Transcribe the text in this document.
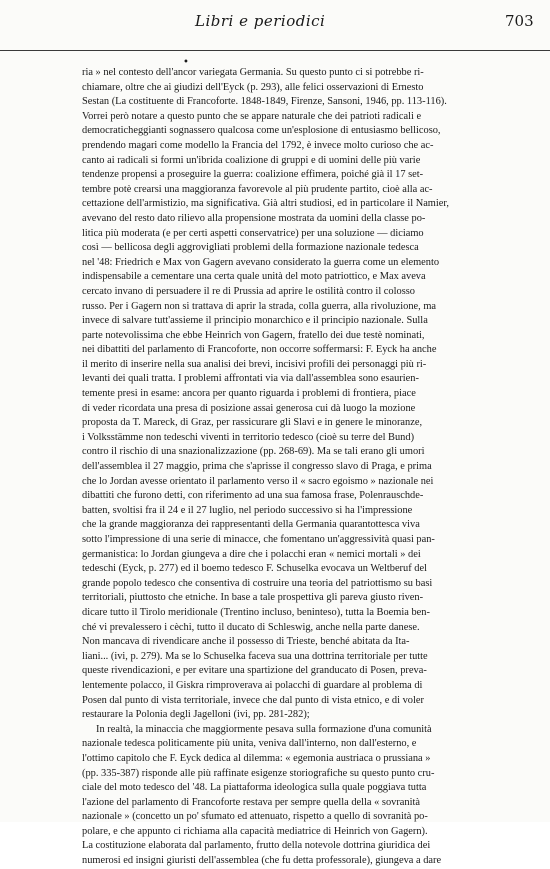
Libri e periodici	703
•
ria » nel contesto dell'ancor variegata Germania. Su questo punto ci si potrebbe ri-
chiamare, oltre che ai giudizi dell'Eyck (p. 293), alle felici osservazioni di Ernesto
Sestan (La costituente di Francoforte. 1848-1849, Firenze, Sansoni, 1946, pp. 113-116).
Vorrei però notare a questo punto che se appare naturale che dei patrioti radicali e
democraticheggianti sognassero qualcosa come un'esplosione di entusiasmo bellicoso,
prendendo magari come modello la Francia del 1792, è invece molto curioso che ac-
canto ai radicali si formi un'ibrida coalizione di gruppi e di uomini delle più varie
tendenze propensi a proseguire la guerra: coalizione effimera, poiché già il 17 set-
tembre potè crearsi una maggioranza favorevole al più prudente partito, cioè alla ac-
cettazione dell'armistizio, ma significativa. Già altri studiosi, ed in particolare il Namier,
avevano del resto dato rilievo alla propensione mostrata da uomini della classe po-
litica più moderata (e per certi aspetti conservatrice) per una soluzione — diciamo
così — bellicosa degli aggrovigliati problemi della formazione nazionale tedesca
nel '48: Friedrich e Max von Gagern avevano considerato la guerra come un elemento
indispensabile a cementare una certa quale unità del moto patriottico, e Max aveva
cercato invano di persuadere il re di Prussia ad aprire le ostilità contro il colosso
russo. Per i Gagern non si trattava di aprir la strada, colla guerra, alla rivoluzione, ma
invece di salvare tutt'assieme il principio monarchico e il principio nazionale. Sulla
parte notevolissima che ebbe Heinrich von Gagern, fratello dei due testè nominati,
nei dibattiti del parlamento di Francoforte, non occorre soffermarsi: F. Eyck ha anche
il merito di inserire nella sua analisi dei brevi, incisivi profili dei personaggi più ri-
levanti dei quali tratta. I problemi affrontati via via dall'assemblea sono esaurien-
temente presi in esame: ancora per quanto riguarda i problemi di frontiera, piace
di veder ricordata una presa di posizione assai generosa cui dà luogo la mozione
proposta da T. Mareck, di Graz, per rassicurare gli Slavi e in genere le minoranze,
i Volksstämme non tedeschi viventi in territorio tedesco (cioè su terre del Bund)
contro il rischio di una snazionalizzazione (pp. 268-69). Ma se tali erano gli umori
dell'assemblea il 27 maggio, prima che s'aprisse il congresso slavo di Praga, e prima
che lo Jordan avesse orientato il parlamento verso il « sacro egoismo » nazionale nei
dibattiti che furono detti, con riferimento ad una sua famosa frase, Polenrauschde-
batten, svoltisi fra il 24 e il 27 luglio, nel periodo successivo si ha l'impressione
che la grande maggioranza dei rappresentanti della Germania quarantottesca viva
sotto l'impressione di una serie di minacce, che fomentano un'aggressività quasi pan-
germanistica: lo Jordan giungeva a dire che i polacchi eran « nemici mortali » dei
tedeschi (Eyck, p. 277) ed il boemo tedesco F. Schuselka evocava un Weltberuf del
grande popolo tedesco che consentiva di costruire una teoria del patriottismo su basi
territoriali, piuttosto che etniche. In base a tale prospettiva gli pareva giusto riven-
dicare tutto il Tirolo meridionale (Trentino incluso, beninteso), tutta la Boemia ben-
ché vi prevalessero i cèchi, tutto il ducato di Schleswig, anche nella parte danese.
Non mancava di rivendicare anche il possesso di Trieste, benché abitata da Ita-
liani... (ivi, p. 279). Ma se lo Schuselka faceva sua una dottrina territoriale per tutte
queste rivendicazioni, e per evitare una spartizione del granducato di Posen, preva-
lentemente polacco, il Giskra rimproverava ai polacchi di guardare al problema di
Posen dal punto di vista territoriale, invece che dal punto di vista etnico, e di voler
restaurare la Polonia degli Jagelloni (ivi, pp. 281-282);
In realtà, la minaccia che maggiormente pesava sulla formazione d'una comunità
nazionale tedesca politicamente più unita, veniva dall'interno, non dall'esterno, e
l'ottimo capitolo che F. Eyck dedica al dilemma: « egemonia austriaca o prussiana »
(pp. 335-387) risponde alle più raffinate esigenze storiografiche su questo punto cru-
ciale del moto tedesco del '48. La piattaforma ideologica sulla quale poggiava tutta
l'azione del parlamento di Francoforte restava per sempre quella della « sovranità
nazionale » (concetto un po' sfumato ed attenuato, rispetto a quello di sovranità po-
polare, e che appunto ci richiama alla capacità mediatrice di Heinrich von Gagern).
La costituzione elaborata dal parlamento, frutto della notevole dottrina giuridica dei
numerosi ed insigni giuristi dell'assemblea (che fu detta professorale), giungeva a dare
